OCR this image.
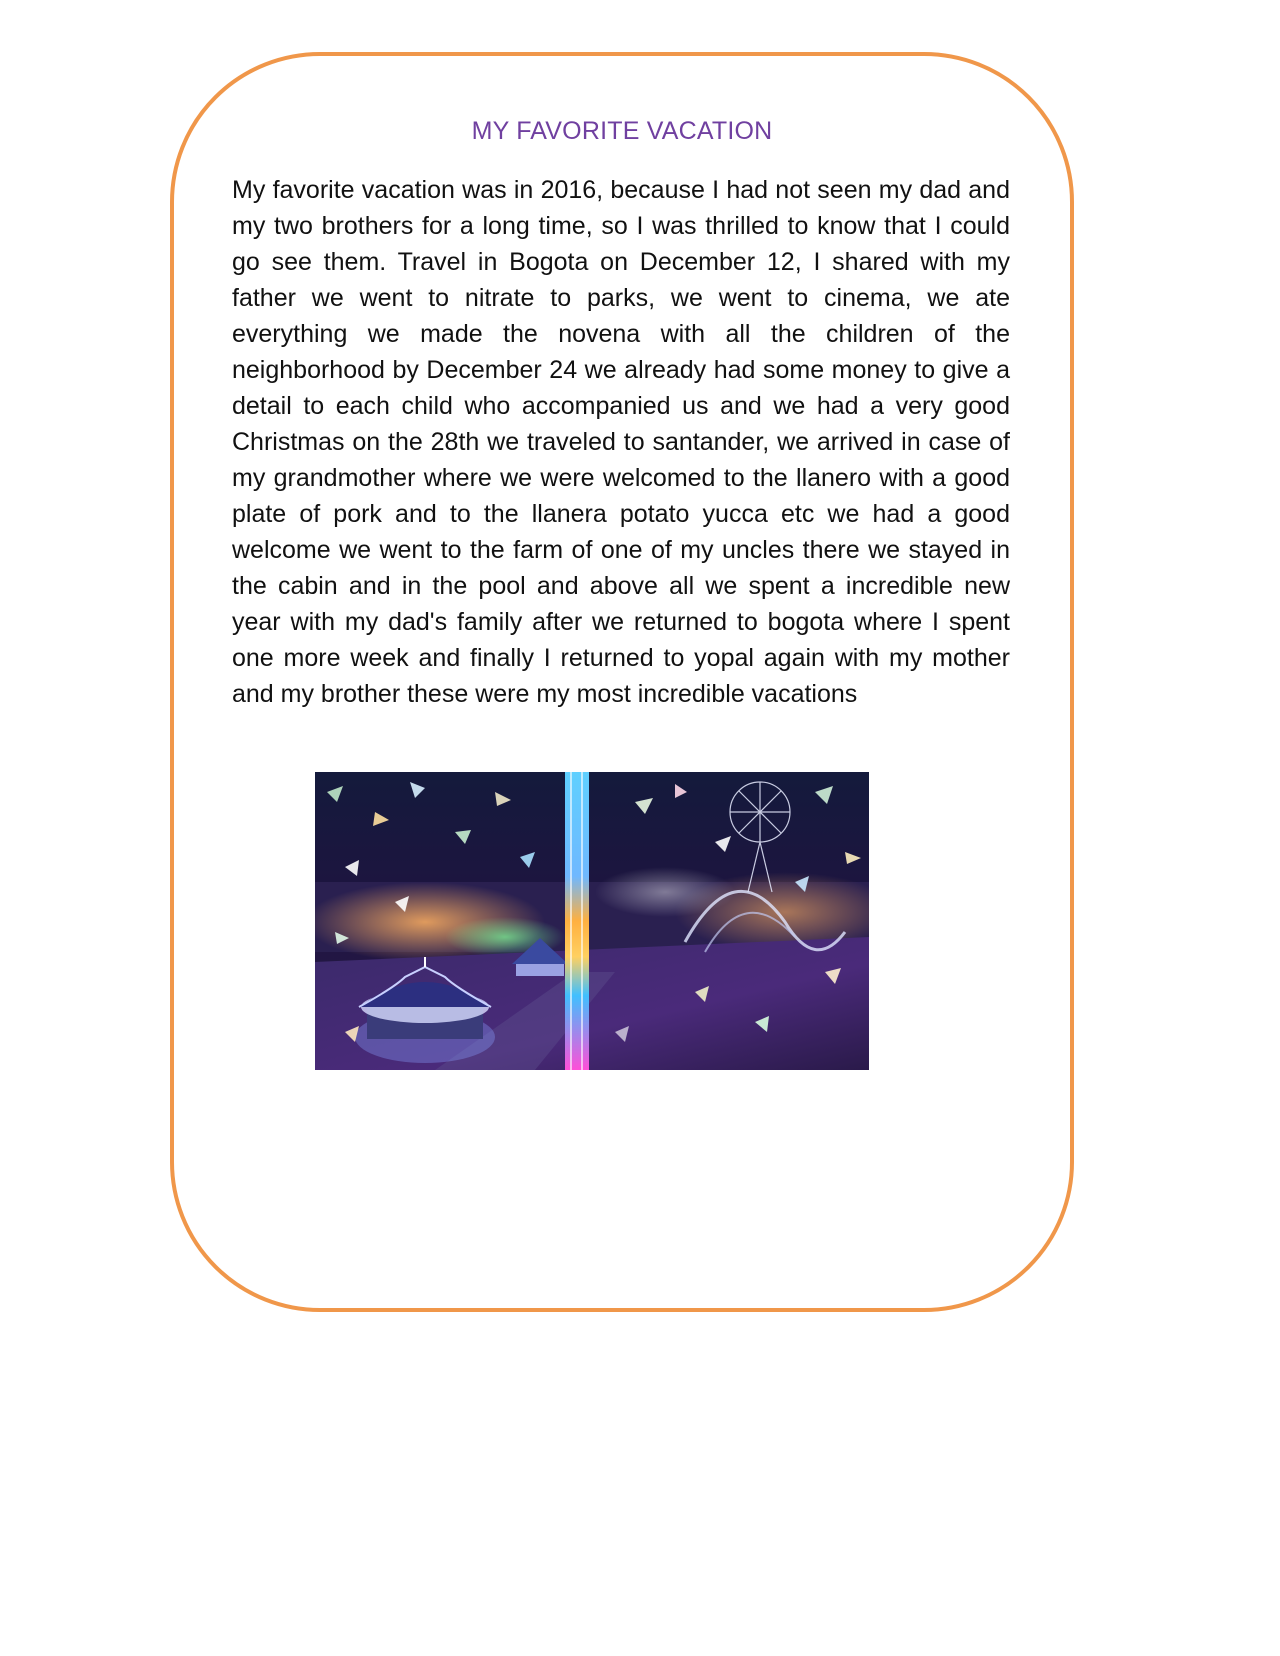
MY FAVORITE VACATION

My favorite vacation was in 2016, because I had not seen my dad and my two brothers for a long time, so I was thrilled to know that I could go see them. Travel in Bogota on December 12, I shared with my father we went to nitrate to parks, we went to cinema, we ate everything we made the novena with all the children of the neighborhood by December 24 we already had some money to give a detail to each child who accompanied us and we had a very good Christmas on the 28th we traveled to santander, we arrived in case of my grandmother where we were welcomed to the llanero with a good plate of pork and to the llanera potato yucca etc we had a good welcome we went to the farm of one of my uncles there we stayed in the cabin and in the pool and above all we spent a incredible new year with my dad's family after we returned to bogota where I spent one more week and finally I returned to yopal again with my mother and my brother these were my most incredible vacations
